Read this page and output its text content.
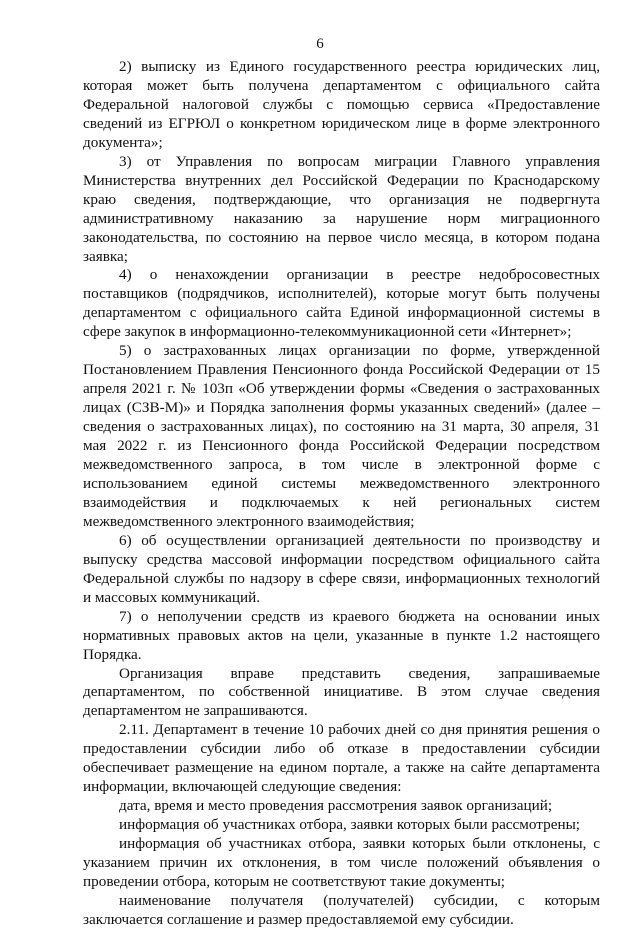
6

2) выписку из Единого государственного реестра юридических лиц, которая может быть получена департаментом с официального сайта Федеральной налоговой службы с помощью сервиса «Предоставление сведений из ЕГРЮЛ о конкретном юридическом лице в форме электронного документа»;

3) от Управления по вопросам миграции Главного управления Министерства внутренних дел Российской Федерации по Краснодарскому краю сведения, подтверждающие, что организация не подвергнута административному наказанию за нарушение норм миграционного законодательства, по состоянию на первое число месяца, в котором подана заявка;

4) о ненахождении организации в реестре недобросовестных поставщиков (подрядчиков, исполнителей), которые могут быть получены департаментом с официального сайта Единой информационной системы в сфере закупок в информационно-телекоммуникационной сети «Интернет»;

5) о застрахованных лицах организации по форме, утвержденной Постановлением Правления Пенсионного фонда Российской Федерации от 15 апреля 2021 г. № 103п «Об утверждении формы «Сведения о застрахованных лицах (СЗВ-М)» и Порядка заполнения формы указанных сведений» (далее – сведения о застрахованных лицах), по состоянию на 31 марта, 30 апреля, 31 мая 2022 г. из Пенсионного фонда Российской Федерации посредством межведомственного запроса, в том числе в электронной форме с использованием единой системы межведомственного электронного взаимодействия и подключаемых к ней региональных систем межведомственного электронного взаимодействия;

6) об осуществлении организацией деятельности по производству и выпуску средства массовой информации посредством официального сайта Федеральной службы по надзору в сфере связи, информационных технологий и массовых коммуникаций.

7) о неполучении средств из краевого бюджета на основании иных нормативных правовых актов на цели, указанные в пункте 1.2 настоящего Порядка.

Организация вправе представить сведения, запрашиваемые департаментом, по собственной инициативе. В этом случае сведения департаментом не запрашиваются.

2.11. Департамент в течение 10 рабочих дней со дня принятия решения о предоставлении субсидии либо об отказе в предоставлении субсидии обеспечивает размещение на едином портале, а также на сайте департамента информации, включающей следующие сведения:

дата, время и место проведения рассмотрения заявок организаций;

информация об участниках отбора, заявки которых были рассмотрены;

информация об участниках отбора, заявки которых были отклонены, с указанием причин их отклонения, в том числе положений объявления о проведении отбора, которым не соответствуют такие документы;

наименование получателя (получателей) субсидии, с которым заключается соглашение и размер предоставляемой ему субсидии.
